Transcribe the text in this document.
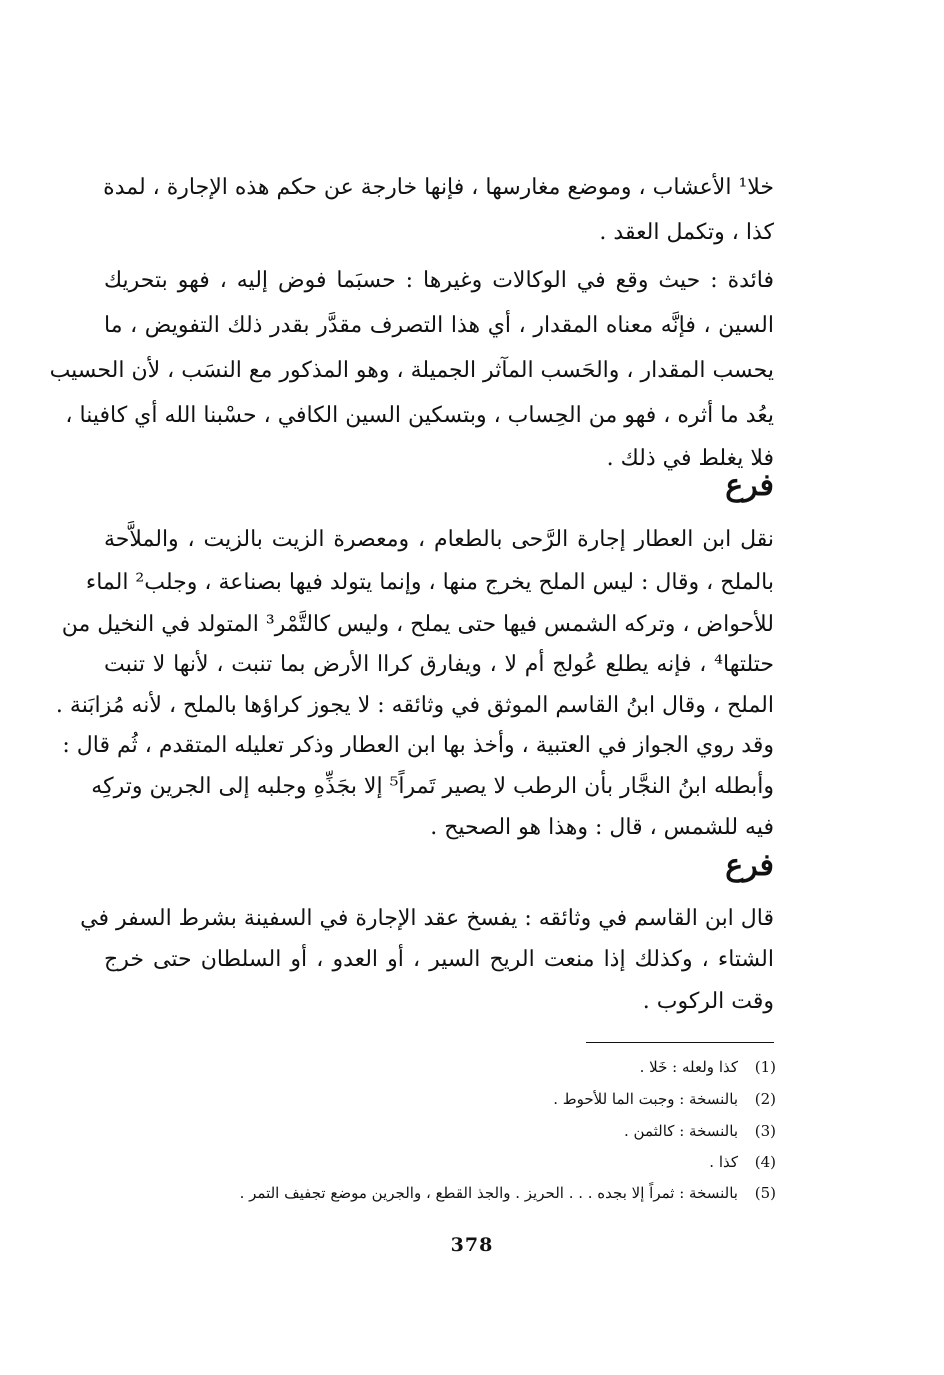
خلا¹ الأعشاب ، وموضع مغارسها ، فإنها خارجة عن حكم هذه الإجارة ، لمدة
كذا ، وتكمل العقد .
فائدة : حيث وقع في الوكالات وغيرها : حسبَما فوض إليه ، فهو بتحريك
السين ، فإنَّه معناه المقدار ، أي هذا التصرف مقدَّر بقدر ذلك التفويض ، ما
يحسب المقدار ، والحَسب المآثر الجميلة ، وهو المذكور مع النسَب ، لأن الحسيب
يعُد ما أثره ، فهو من الحِساب ، وبتسكين السين الكافي ، حسْبنا الله أي كافينا ،
فلا يغلط في ذلك .
فرع
نقل ابن العطار إجارة الرَّحى بالطعام ، ومعصرة الزيت بالزيت ، والملاَّحة
بالملح ، وقال : ليس الملح يخرج منها ، وإنما يتولد فيها بصناعة ، وجلب² الماء
للأحواض ، وتركه الشمس فيها حتى يملح ، وليس كالتَّمْر³ المتولد في النخيل من
حتلتها⁴ ، فإنه يطلع عُولج أم لا ، ويفارق كراا الأرض بما تنبت ، لأنها لا تنبت
الملح ، وقال ابنُ القاسم الموثق في وثائقه : لا يجوز كراؤها بالملح ، لأنه مُزابَنة .
وقد روي الجواز في العتبية ، وأخذ بها ابن العطار وذكر تعليله المتقدم ، ثُم قال :
وأبطله ابنُ النجَّار بأن الرطب لا يصير تَمراً⁵ إلا بجَذِّهِ وجلبه إلى الجرين وتركِه
فيه للشمس ، قال : وهذا هو الصحيح .
فرع
قال ابن القاسم في وثائقه : يفسخ عقد الإجارة في السفينة بشرط السفر في
الشتاء ، وكذلك إذا منعت الريح السير ، أو العدو ، أو السلطان حتى خرج
وقت الركوب .
(1)
كذا ولعله : خَلا .
(2)
بالنسخة : وجبت الما للأحوط .
(3)
بالنسخة : كالثمن .
(4)
كذا .
(5)
بالنسخة : ثمراً إلا بجده . . . الحريز . والجذ القطع ، والجرين موضع تجفيف التمر .
378
